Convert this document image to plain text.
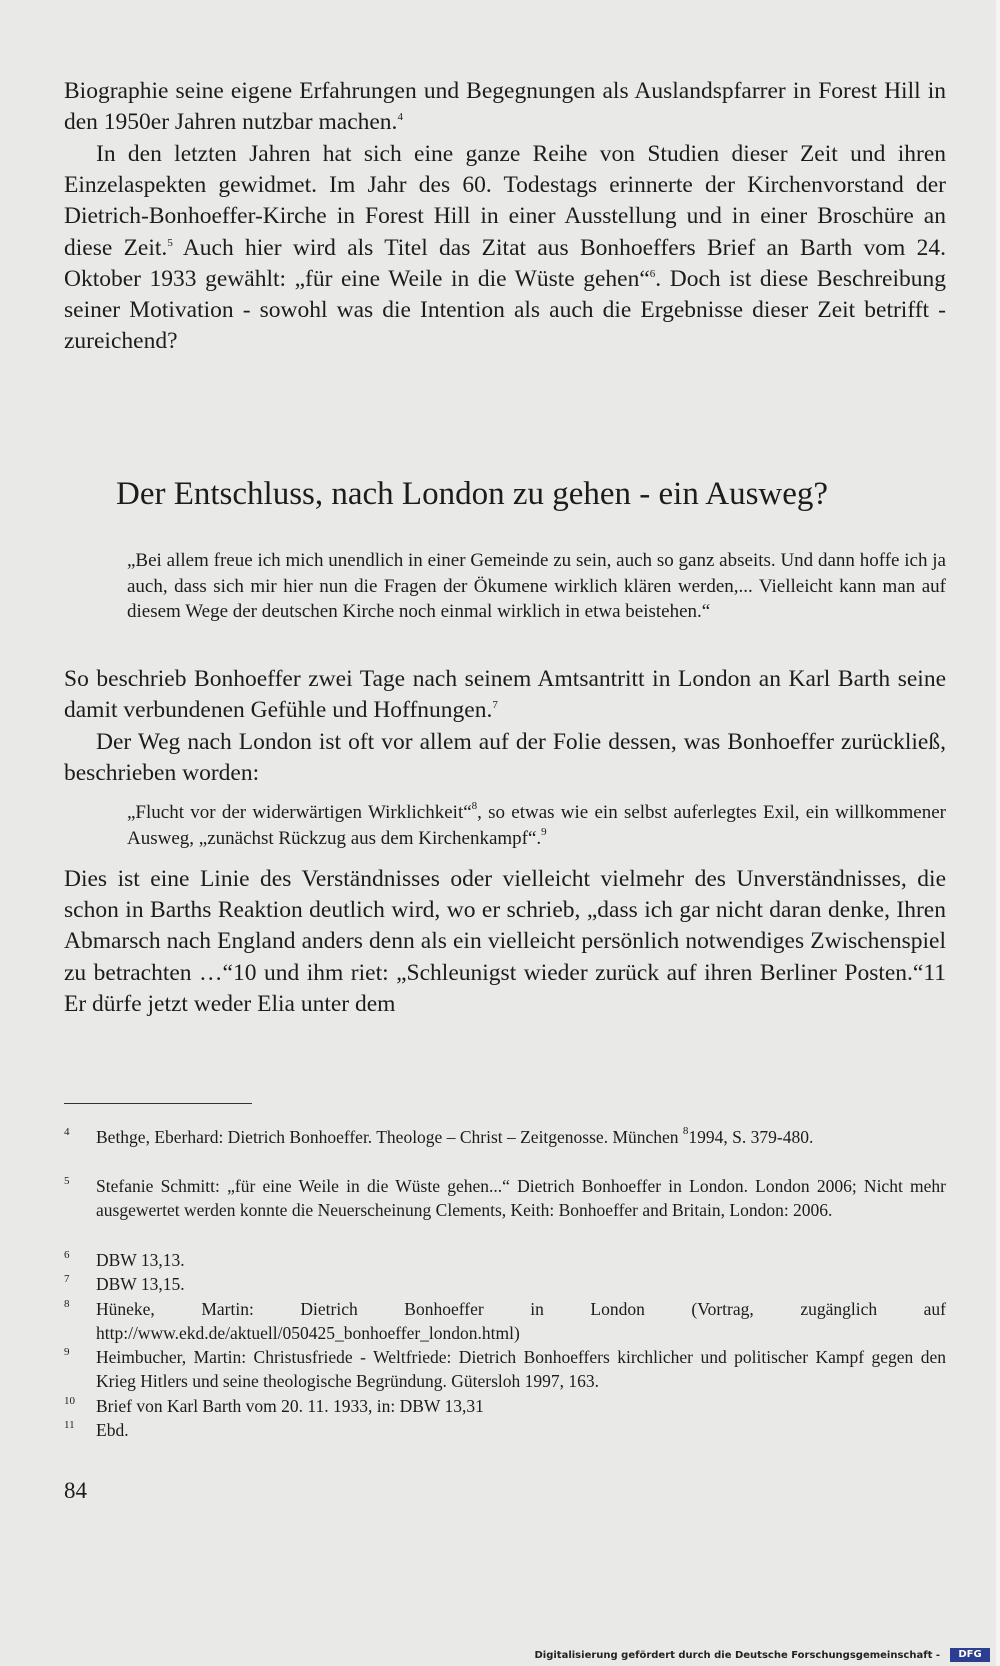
Biographie seine eigene Erfahrungen und Begegnungen als Auslandspfarrer in Forest Hill in den 1950er Jahren nutzbar machen.$^4$

In den letzten Jahren hat sich eine ganze Reihe von Studien dieser Zeit und ihren Einzelaspekten gewidmet. Im Jahr des 60. Todestags erinnerte der Kirchenvorstand der Dietrich-Bonhoeffer-Kirche in Forest Hill in einer Ausstellung und in einer Broschüre an diese Zeit.$^5$ Auch hier wird als Titel das Zitat aus Bonhoeffers Brief an Barth vom 24. Oktober 1933 gewählt: „für eine Weile in die Wüste gehen“$^6$. Doch ist diese Beschreibung seiner Motivation - sowohl was die Intention als auch die Ergebnisse dieser Zeit betrifft - zureichend?

Der Entschluss, nach London zu gehen - ein Ausweg?

„Bei allem freue ich mich unendlich in einer Gemeinde zu sein, auch so ganz abseits. Und dann hoffe ich ja auch, dass sich mir hier nun die Fragen der Ökumene wirklich klären werden,... Vielleicht kann man auf diesem Wege der deutschen Kirche noch einmal wirklich in etwa beistehen.“

So beschrieb Bonhoeffer zwei Tage nach seinem Amtsantritt in London an Karl Barth seine damit verbundenen Gefühle und Hoffnungen.$^7$

Der Weg nach London ist oft vor allem auf der Folie dessen, was Bonhoeffer zurückließ, beschrieben worden:

„Flucht vor der widerwärtigen Wirklichkeit“$^8$, so etwas wie ein selbst auferlegtes Exil, ein willkommener Ausweg, „zunächst Rückzug aus dem Kirchenkampf“.$^9$

Dies ist eine Linie des Verständnisses oder vielleicht vielmehr des Unverständnisses, die schon in Barths Reaktion deutlich wird, wo er schrieb, „dass ich gar nicht daran denke, Ihren Abmarsch nach England anders denn als ein vielleicht persönlich notwendiges Zwischenspiel zu betrachten …“10 und ihm riet: „Schleunigst wieder zurück auf ihren Berliner Posten.“11 Er dürfe jetzt weder Elia unter dem

4 Bethge, Eberhard: Dietrich Bonhoeffer. Theologe – Christ – Zeitgenosse. München $^8$1994, S. 379-480.
5 Stefanie Schmitt: „für eine Weile in die Wüste gehen...“ Dietrich Bonhoeffer in London. London 2006; Nicht mehr ausgewertet werden konnte die Neuerscheinung Clements, Keith: Bonhoeffer and Britain, London: 2006.
6 DBW 13,13.
7 DBW 13,15.
8 Hüneke, Martin: Dietrich Bonhoeffer in London (Vortrag, zugänglich auf http://www.ekd.de/aktuell/050425_bonhoeffer_london.html)
9 Heimbucher, Martin: Christusfriede - Weltfriede: Dietrich Bonhoeffers kirchlicher und politischer Kampf gegen den Krieg Hitlers und seine theologische Begründung. Gütersloh 1997, 163.
10 Brief von Karl Barth vom 20. 11. 1933, in: DBW 13,31
11 Ebd.

84

Digitalisierung gefördert durch die Deutsche Forschungsgemeinschaft -	DFG
